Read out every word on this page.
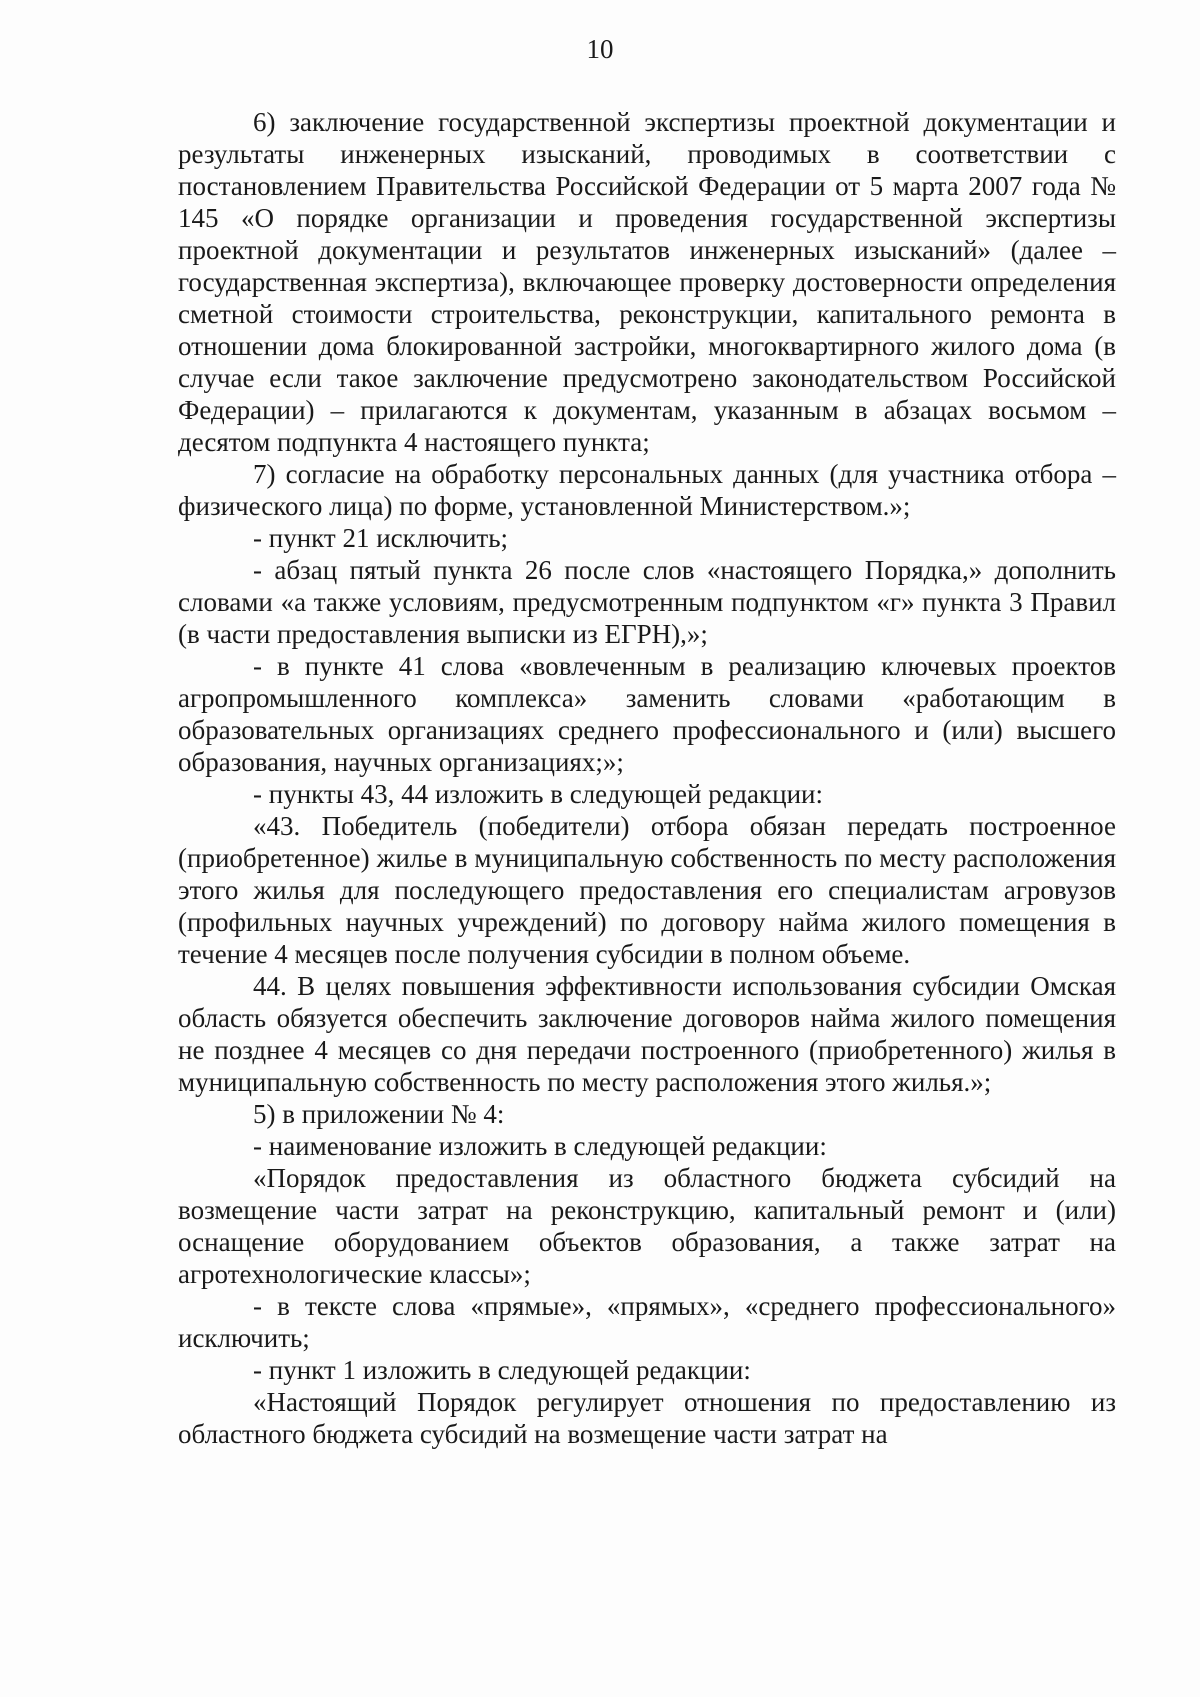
10

6) заключение государственной экспертизы проектной документации и результаты инженерных изысканий, проводимых в соответствии с постановлением Правительства Российской Федерации от 5 марта 2007 года № 145 «О порядке организации и проведения государственной экспертизы проектной документации и результатов инженерных изысканий» (далее – государственная экспертиза), включающее проверку достоверности определения сметной стоимости строительства, реконструкции, капитального ремонта в отношении дома блокированной застройки, многоквартирного жилого дома (в случае если такое заключение предусмотрено законодательством Российской Федерации) – прилагаются к документам, указанным в абзацах восьмом – десятом подпункта 4 настоящего пункта;

7) согласие на обработку персональных данных (для участника отбора – физического лица) по форме, установленной Министерством.»;

- пункт 21 исключить;

- абзац пятый пункта 26 после слов «настоящего Порядка,» дополнить словами «а также условиям, предусмотренным подпунктом «г» пункта 3 Правил (в части предоставления выписки из ЕГРН),»;

- в пункте 41 слова «вовлеченным в реализацию ключевых проектов агропромышленного комплекса» заменить словами «работающим в образовательных организациях среднего профессионального и (или) высшего образования, научных организациях;»;

- пункты 43, 44 изложить в следующей редакции:

«43. Победитель (победители) отбора обязан передать построенное (приобретенное) жилье в муниципальную собственность по месту расположения этого жилья для последующего предоставления его специалистам агровузов (профильных научных учреждений) по договору найма жилого помещения в течение 4 месяцев после получения субсидии в полном объеме.

44. В целях повышения эффективности использования субсидии Омская область обязуется обеспечить заключение договоров найма жилого помещения не позднее 4 месяцев со дня передачи построенного (приобретенного) жилья в муниципальную собственность по месту расположения этого жилья.»;

5) в приложении № 4:

- наименование изложить в следующей редакции:

«Порядок предоставления из областного бюджета субсидий на возмещение части затрат на реконструкцию, капитальный ремонт и (или) оснащение оборудованием объектов образования, а также затрат на агротехнологические классы»;

- в тексте слова «прямые», «прямых», «среднего профессионального» исключить;

- пункт 1 изложить в следующей редакции:

«Настоящий Порядок регулирует отношения по предоставлению из областного бюджета субсидий на возмещение части затрат на
